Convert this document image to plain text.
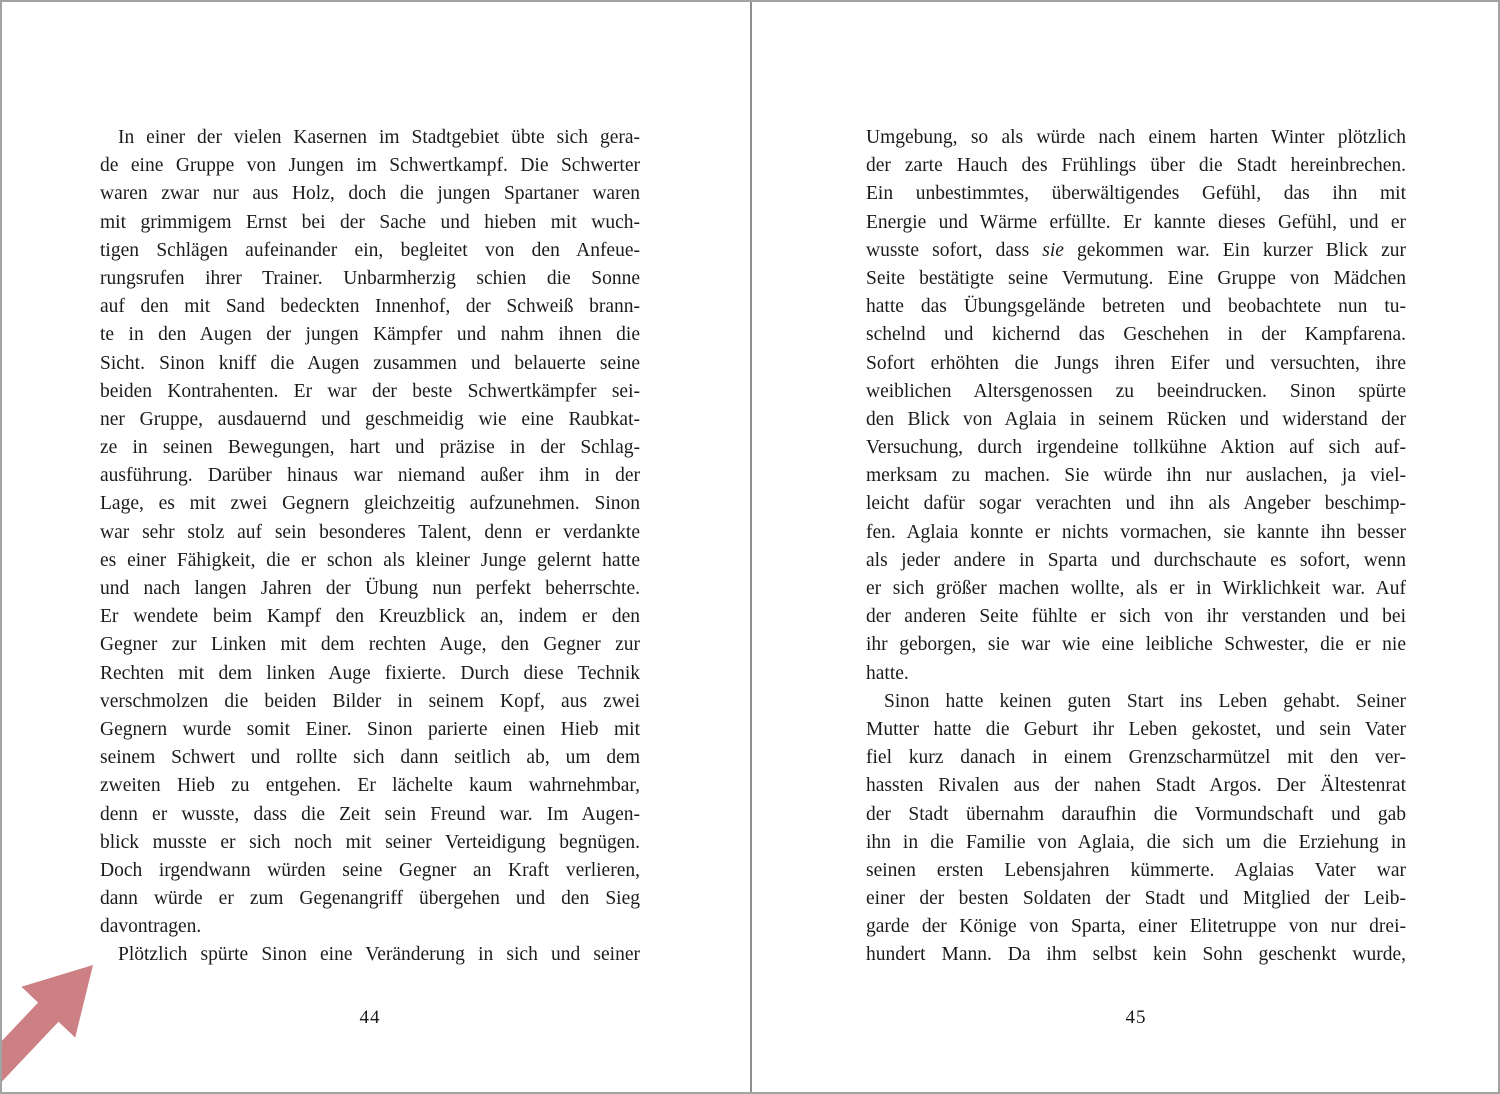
In einer der vielen Kasernen im Stadtgebiet übte sich gera-
de eine Gruppe von Jungen im Schwertkampf. Die Schwerter
waren zwar nur aus Holz, doch die jungen Spartaner waren
mit grimmigem Ernst bei der Sache und hieben mit wuch-
tigen Schlägen aufeinander ein, begleitet von den Anfeue-
rungsrufen ihrer Trainer. Unbarmherzig schien die Sonne
auf den mit Sand bedeckten Innenhof, der Schweiß brann-
te in den Augen der jungen Kämpfer und nahm ihnen die
Sicht. Sinon kniff die Augen zusammen und belauerte seine
beiden Kontrahenten. Er war der beste Schwertkämpfer sei-
ner Gruppe, ausdauernd und geschmeidig wie eine Raubkat-
ze in seinen Bewegungen, hart und präzise in der Schlag-
ausführung. Darüber hinaus war niemand außer ihm in der
Lage, es mit zwei Gegnern gleichzeitig aufzunehmen. Sinon
war sehr stolz auf sein besonderes Talent, denn er verdankte
es einer Fähigkeit, die er schon als kleiner Junge gelernt hatte
und nach langen Jahren der Übung nun perfekt beherrschte.
Er wendete beim Kampf den Kreuzblick an, indem er den
Gegner zur Linken mit dem rechten Auge, den Gegner zur
Rechten mit dem linken Auge fixierte. Durch diese Technik
verschmolzen die beiden Bilder in seinem Kopf, aus zwei
Gegnern wurde somit Einer. Sinon parierte einen Hieb mit
seinem Schwert und rollte sich dann seitlich ab, um dem
zweiten Hieb zu entgehen. Er lächelte kaum wahrnehmbar,
denn er wusste, dass die Zeit sein Freund war. Im Augen-
blick musste er sich noch mit seiner Verteidigung begnügen.
Doch irgendwann würden seine Gegner an Kraft verlieren,
dann würde er zum Gegenangriff übergehen und den Sieg
davontragen.
Plötzlich spürte Sinon eine Veränderung in sich und seiner
Umgebung, so als würde nach einem harten Winter plötzlich
der zarte Hauch des Frühlings über die Stadt hereinbrechen.
Ein unbestimmtes, überwältigendes Gefühl, das ihn mit
Energie und Wärme erfüllte. Er kannte dieses Gefühl, und er
wusste sofort, dass sie gekommen war. Ein kurzer Blick zur
Seite bestätigte seine Vermutung. Eine Gruppe von Mädchen
hatte das Übungsgelände betreten und beobachtete nun tu-
schelnd und kichernd das Geschehen in der Kampfarena.
Sofort erhöhten die Jungs ihren Eifer und versuchten, ihre
weiblichen Altersgenossen zu beeindrucken. Sinon spürte
den Blick von Aglaia in seinem Rücken und widerstand der
Versuchung, durch irgendeine tollkühne Aktion auf sich auf-
merksam zu machen. Sie würde ihn nur auslachen, ja viel-
leicht dafür sogar verachten und ihn als Angeber beschimp-
fen. Aglaia konnte er nichts vormachen, sie kannte ihn besser
als jeder andere in Sparta und durchschaute es sofort, wenn
er sich größer machen wollte, als er in Wirklichkeit war. Auf
der anderen Seite fühlte er sich von ihr verstanden und bei
ihr geborgen, sie war wie eine leibliche Schwester, die er nie
hatte.
Sinon hatte keinen guten Start ins Leben gehabt. Seiner
Mutter hatte die Geburt ihr Leben gekostet, und sein Vater
fiel kurz danach in einem Grenzscharmützel mit den ver-
hassten Rivalen aus der nahen Stadt Argos. Der Ältestenrat
der Stadt übernahm daraufhin die Vormundschaft und gab
ihn in die Familie von Aglaia, die sich um die Erziehung in
seinen ersten Lebensjahren kümmerte. Aglaias Vater war
einer der besten Soldaten der Stadt und Mitglied der Leib-
garde der Könige von Sparta, einer Elitetruppe von nur drei-
hundert Mann. Da ihm selbst kein Sohn geschenkt wurde,
44	45
